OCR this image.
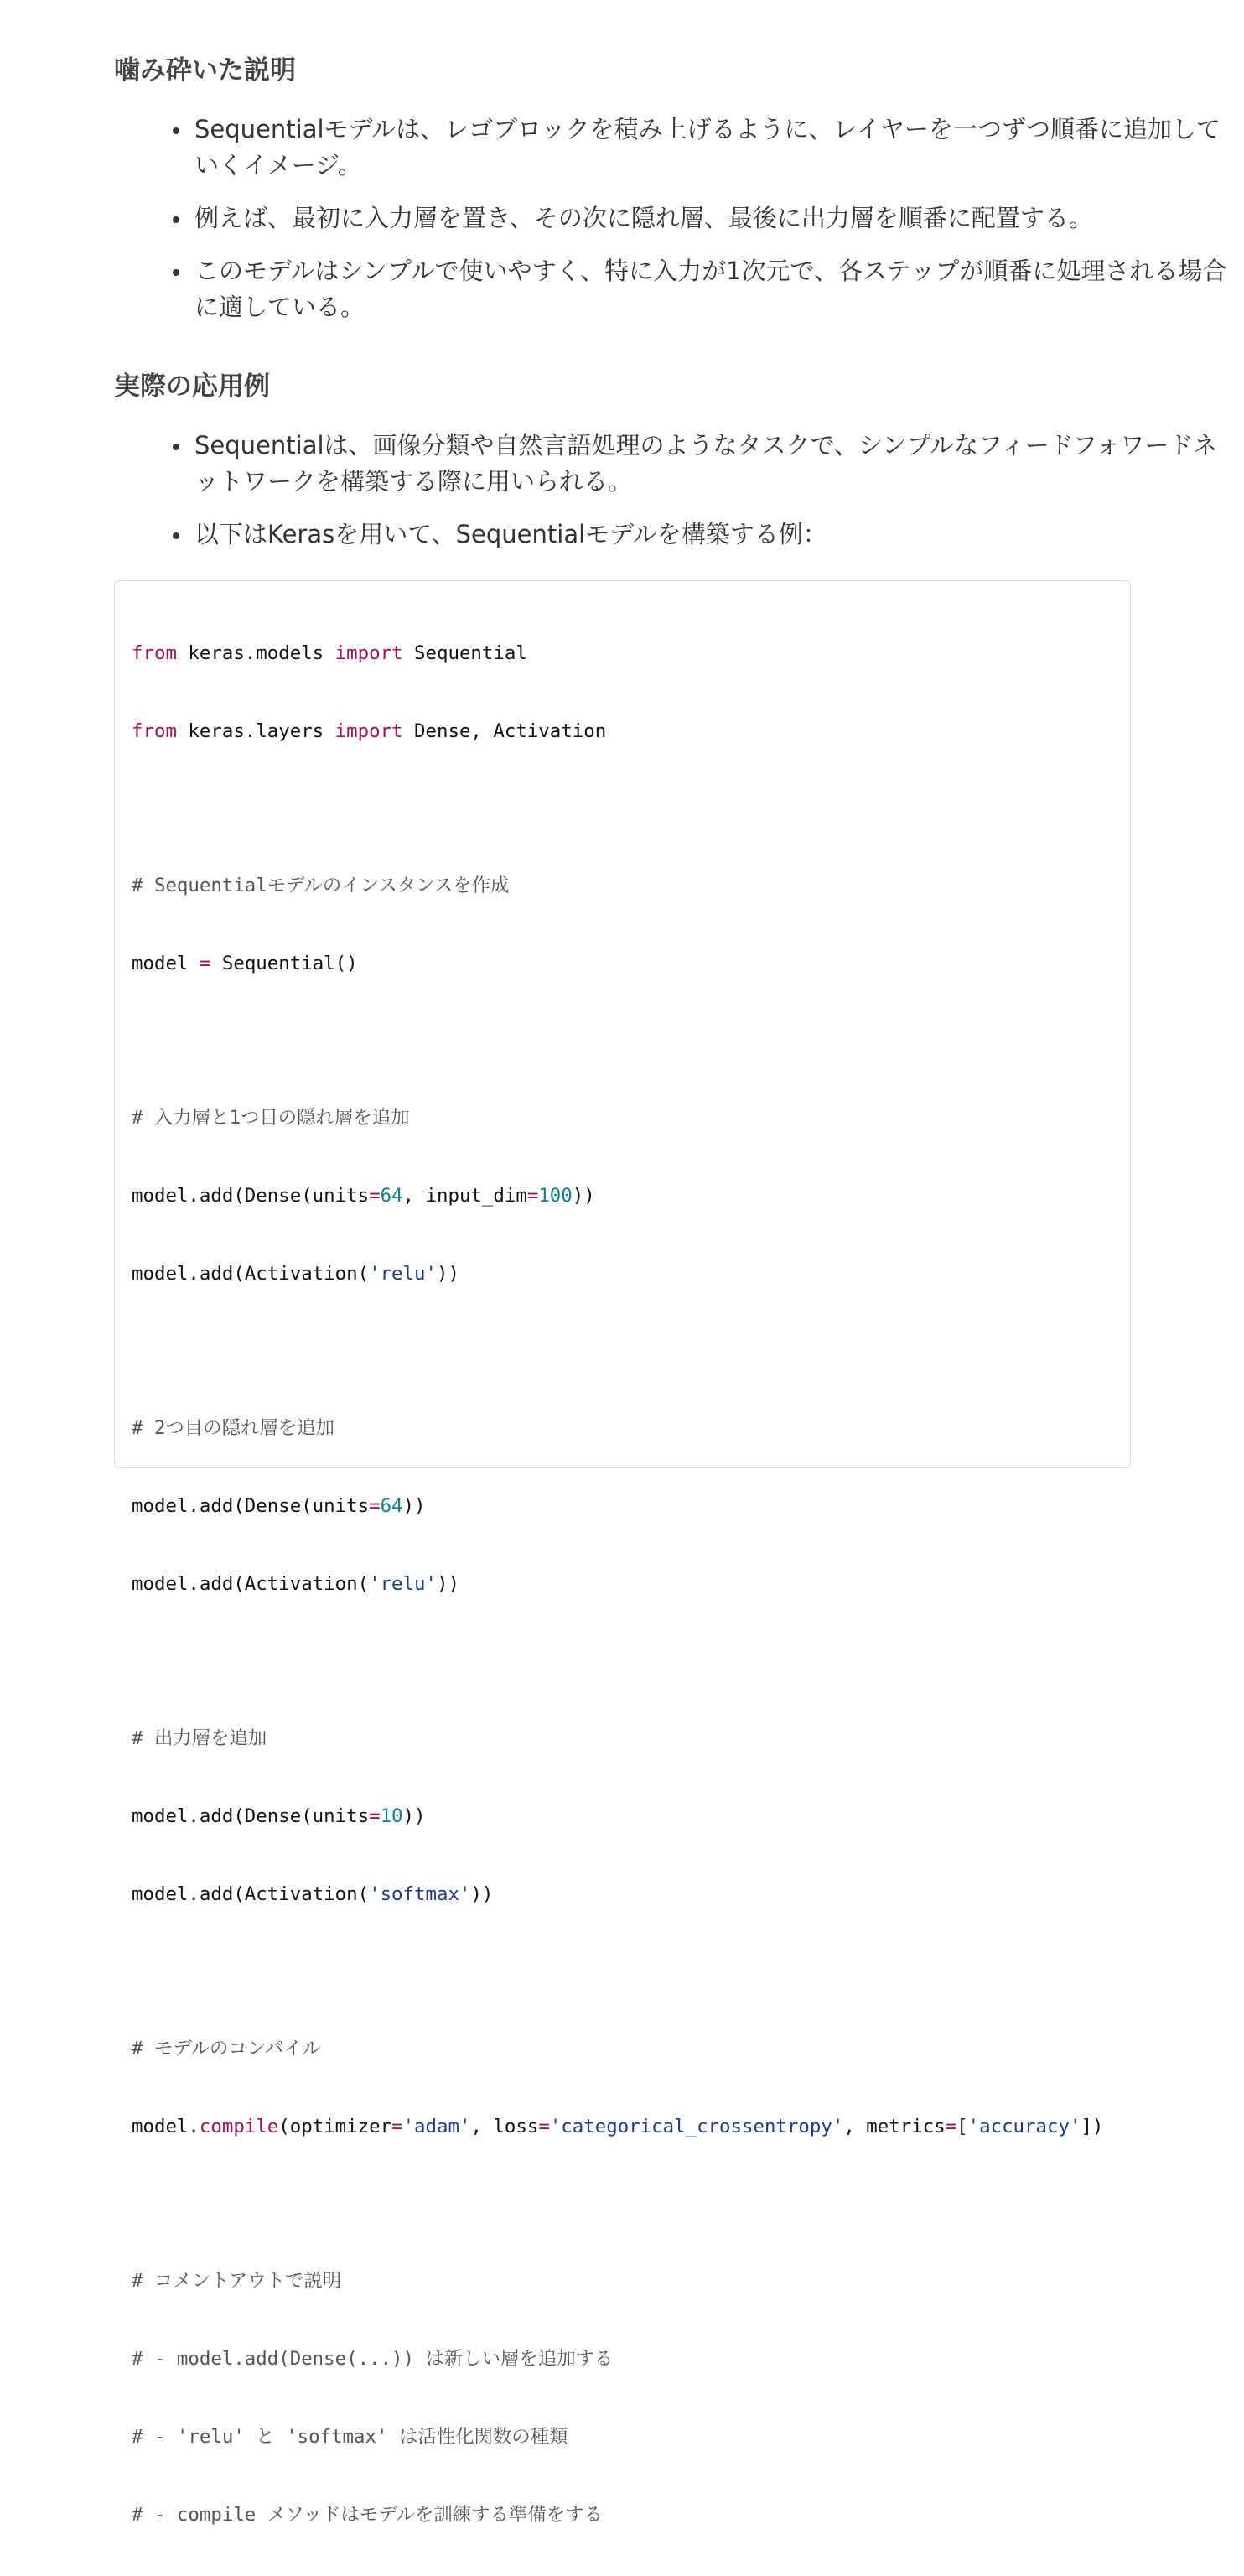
噛み砕いた説明
Sequentialモデルは、レゴブロックを積み上げるように、レイヤーを一つずつ順番に追加していくイメージ。
例えば、最初に入力層を置き、その次に隠れ層、最後に出力層を順番に配置する。
このモデルはシンプルで使いやすく、特に入力が1次元で、各ステップが順番に処理される場合に適している。
実際の応用例
Sequentialは、画像分類や自然言語処理のようなタスクで、シンプルなフィードフォワードネットワークを構築する際に用いられる。
以下はKerasを用いて、Sequentialモデルを構築する例：

from keras.models import Sequential

from keras.layers import Dense, Activation

# Sequentialモデルのインスタンスを作成

model = Sequential()

# 入力層と1つ目の隠れ層を追加

model.add(Dense(units=64, input_dim=100))

model.add(Activation('relu'))

# 2つ目の隠れ層を追加

model.add(Dense(units=64))

model.add(Activation('relu'))

# 出力層を追加

model.add(Dense(units=10))

model.add(Activation('softmax'))

# モデルのコンパイル

model.compile(optimizer='adam', loss='categorical_crossentropy', metrics=['accuracy'])

# コメントアウトで説明

# - model.add(Dense(...)) は新しい層を追加する

# - 'relu' と 'softmax' は活性化関数の種類

# - compile メソッドはモデルを訓練する準備をする
